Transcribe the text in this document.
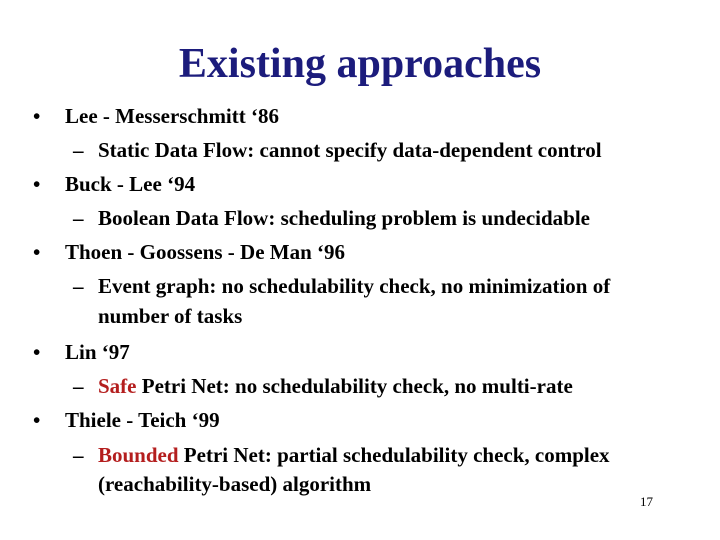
Existing approaches
• Lee - Messerschmitt ‘86
– Static Data Flow: cannot specify data-dependent control
• Buck - Lee ‘94
– Boolean Data Flow: scheduling problem is undecidable
• Thoen - Goossens - De Man ‘96
– Event graph: no schedulability check, no minimization of
number of tasks
• Lin ‘97
– Safe Petri Net: no schedulability check, no multi-rate
• Thiele - Teich ‘99
– Bounded Petri Net: partial schedulability check, complex
(reachability-based) algorithm
17
